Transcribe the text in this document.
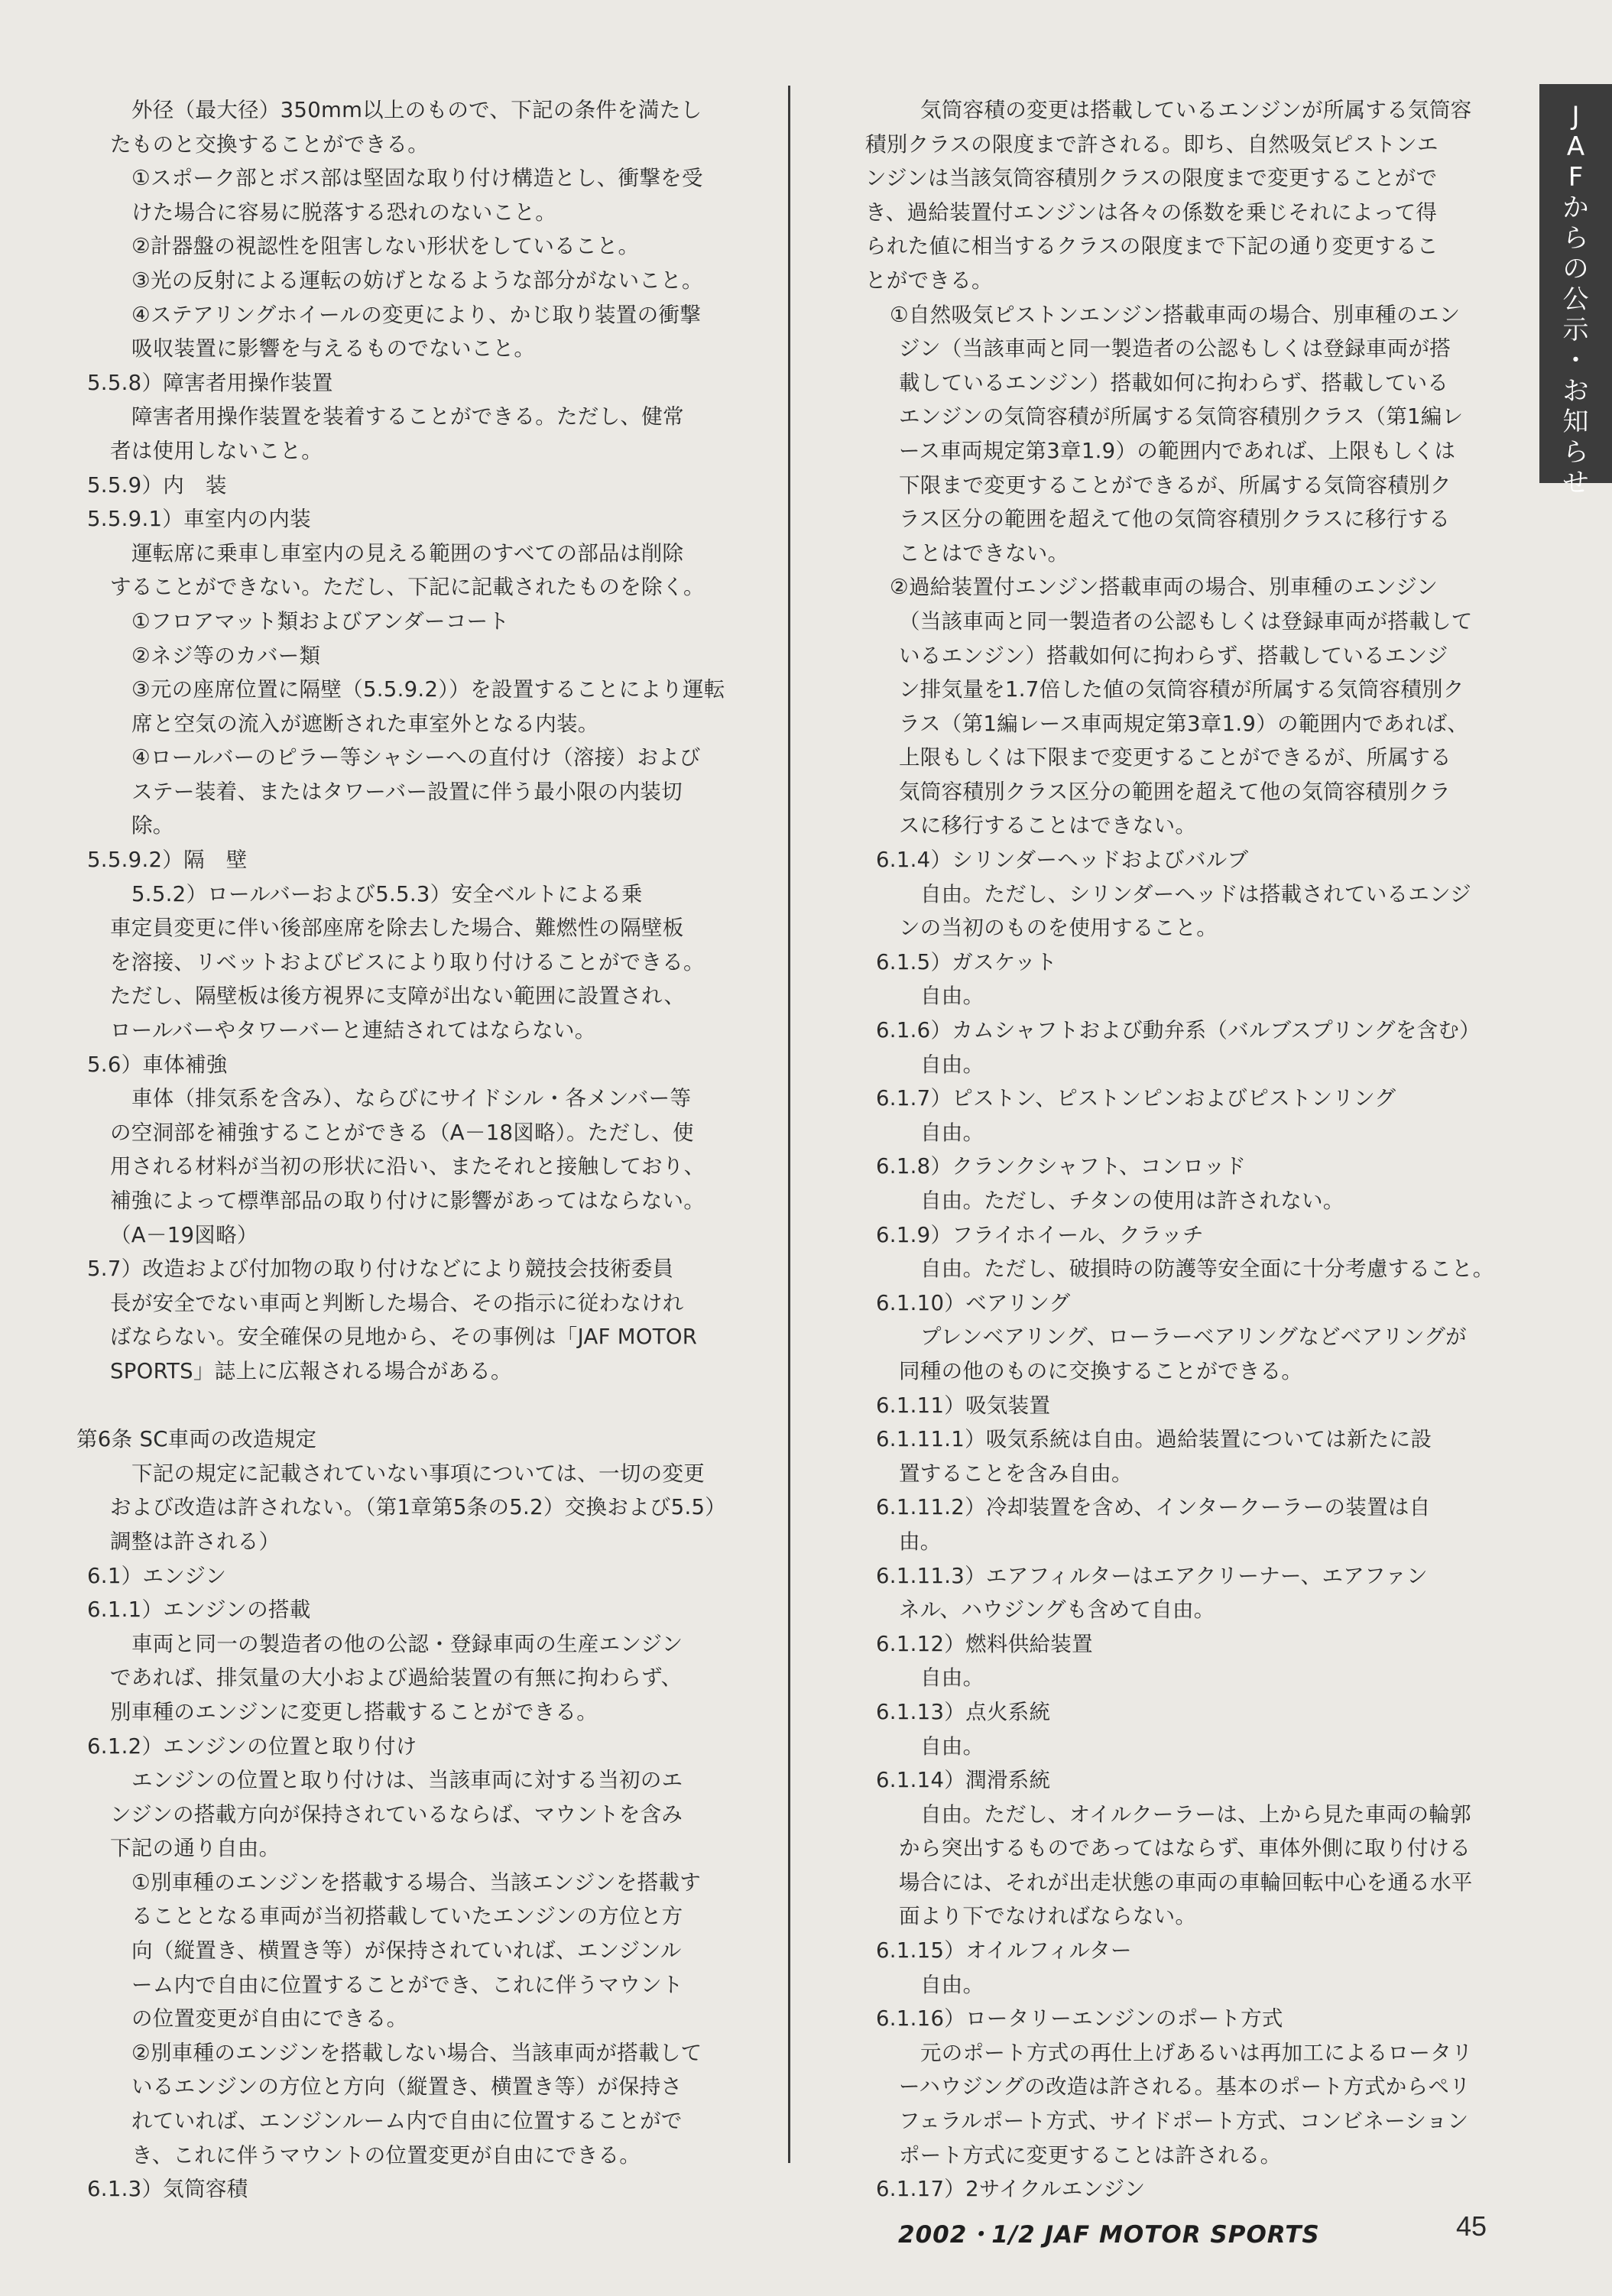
外径（最大径）350mm以上のもので、下記の条件を満たし
たものと交換することができる。
①スポーク部とボス部は堅固な取り付け構造とし、衝撃を受
けた場合に容易に脱落する恐れのないこと。
②計器盤の視認性を阻害しない形状をしていること。
③光の反射による運転の妨げとなるような部分がないこと。
④ステアリングホイールの変更により、かじ取り装置の衝撃
吸収装置に影響を与えるものでないこと。
5.5.8）障害者用操作装置
障害者用操作装置を装着することができる。ただし、健常
者は使用しないこと。
5.5.9）内　装
5.5.9.1）車室内の内装
運転席に乗車し車室内の見える範囲のすべての部品は削除
することができない。ただし、下記に記載されたものを除く。
①フロアマット類およびアンダーコート
②ネジ等のカバー類
③元の座席位置に隔壁（5.5.9.2））を設置することにより運転
席と空気の流入が遮断された車室外となる内装。
④ロールバーのピラー等シャシーへの直付け（溶接）および
ステー装着、またはタワーバー設置に伴う最小限の内装切
除。
5.5.9.2）隔　壁
5.5.2）ロールバーおよび5.5.3）安全ベルトによる乗
車定員変更に伴い後部座席を除去した場合、難燃性の隔壁板
を溶接、リベットおよびビスにより取り付けることができる。
ただし、隔壁板は後方視界に支障が出ない範囲に設置され、
ロールバーやタワーバーと連結されてはならない。
5.6）車体補強
車体（排気系を含み）、ならびにサイドシル・各メンバー等
の空洞部を補強することができる（A－18図略）。ただし、使
用される材料が当初の形状に沿い、またそれと接触しており、
補強によって標準部品の取り付けに影響があってはならない。
（A－19図略）
5.7）改造および付加物の取り付けなどにより競技会技術委員
長が安全でない車両と判断した場合、その指示に従わなけれ
ばならない。安全確保の見地から、その事例は「JAF MOTOR
SPORTS」誌上に広報される場合がある。
第6条 SC車両の改造規定
下記の規定に記載されていない事項については、一切の変更
および改造は許されない。（第1章第5条の5.2）交換および5.5）
調整は許される）
6.1）エンジン
6.1.1）エンジンの搭載
車両と同一の製造者の他の公認・登録車両の生産エンジン
であれば、排気量の大小および過給装置の有無に拘わらず、
別車種のエンジンに変更し搭載することができる。
6.1.2）エンジンの位置と取り付け
エンジンの位置と取り付けは、当該車両に対する当初のエ
ンジンの搭載方向が保持されているならば、マウントを含み
下記の通り自由。
①別車種のエンジンを搭載する場合、当該エンジンを搭載す
ることとなる車両が当初搭載していたエンジンの方位と方
向（縦置き、横置き等）が保持されていれば、エンジンル
ーム内で自由に位置することができ、これに伴うマウント
の位置変更が自由にできる。
②別車種のエンジンを搭載しない場合、当該車両が搭載して
いるエンジンの方位と方向（縦置き、横置き等）が保持さ
れていれば、エンジンルーム内で自由に位置することがで
き、これに伴うマウントの位置変更が自由にできる。
6.1.3）気筒容積
気筒容積の変更は搭載しているエンジンが所属する気筒容
積別クラスの限度まで許される。即ち、自然吸気ピストンエ
ンジンは当該気筒容積別クラスの限度まで変更することがで
き、過給装置付エンジンは各々の係数を乗じそれによって得
られた値に相当するクラスの限度まで下記の通り変更するこ
とができる。
①自然吸気ピストンエンジン搭載車両の場合、別車種のエン
ジン（当該車両と同一製造者の公認もしくは登録車両が搭
載しているエンジン）搭載如何に拘わらず、搭載している
エンジンの気筒容積が所属する気筒容積別クラス（第1編レ
ース車両規定第3章1.9）の範囲内であれば、上限もしくは
下限まで変更することができるが、所属する気筒容積別ク
ラス区分の範囲を超えて他の気筒容積別クラスに移行する
ことはできない。
②過給装置付エンジン搭載車両の場合、別車種のエンジン
（当該車両と同一製造者の公認もしくは登録車両が搭載して
いるエンジン）搭載如何に拘わらず、搭載しているエンジ
ン排気量を1.7倍した値の気筒容積が所属する気筒容積別ク
ラス（第1編レース車両規定第3章1.9）の範囲内であれば、
上限もしくは下限まで変更することができるが、所属する
気筒容積別クラス区分の範囲を超えて他の気筒容積別クラ
スに移行することはできない。
6.1.4）シリンダーヘッドおよびバルブ
自由。ただし、シリンダーヘッドは搭載されているエンジ
ンの当初のものを使用すること。
6.1.5）ガスケット
自由。
6.1.6）カムシャフトおよび動弁系（バルブスプリングを含む）
自由。
6.1.7）ピストン、ピストンピンおよびピストンリング
自由。
6.1.8）クランクシャフト、コンロッド
自由。ただし、チタンの使用は許されない。
6.1.9）フライホイール、クラッチ
自由。ただし、破損時の防護等安全面に十分考慮すること。
6.1.10）ベアリング
プレンベアリング、ローラーベアリングなどベアリングが
同種の他のものに交換することができる。
6.1.11）吸気装置
6.1.11.1）吸気系統は自由。過給装置については新たに設
置することを含み自由。
6.1.11.2）冷却装置を含め、インタークーラーの装置は自
由。
6.1.11.3）エアフィルターはエアクリーナー、エアファン
ネル、ハウジングも含めて自由。
6.1.12）燃料供給装置
自由。
6.1.13）点火系統
自由。
6.1.14）潤滑系統
自由。ただし、オイルクーラーは、上から見た車両の輪郭
から突出するものであってはならず、車体外側に取り付ける
場合には、それが出走状態の車両の車輪回転中心を通る水平
面より下でなければならない。
6.1.15）オイルフィルター
自由。
6.1.16）ロータリーエンジンのポート方式
元のポート方式の再仕上げあるいは再加工によるロータリ
ーハウジングの改造は許される。基本のポート方式からペリ
フェラルポート方式、サイドポート方式、コンビネーション
ポート方式に変更することは許される。
6.1.17）2サイクルエンジン
J
A
F
か
ら
の
公
示
・
お
知
ら
せ
2002・1/2 JAF MOTOR SPORTS	45
